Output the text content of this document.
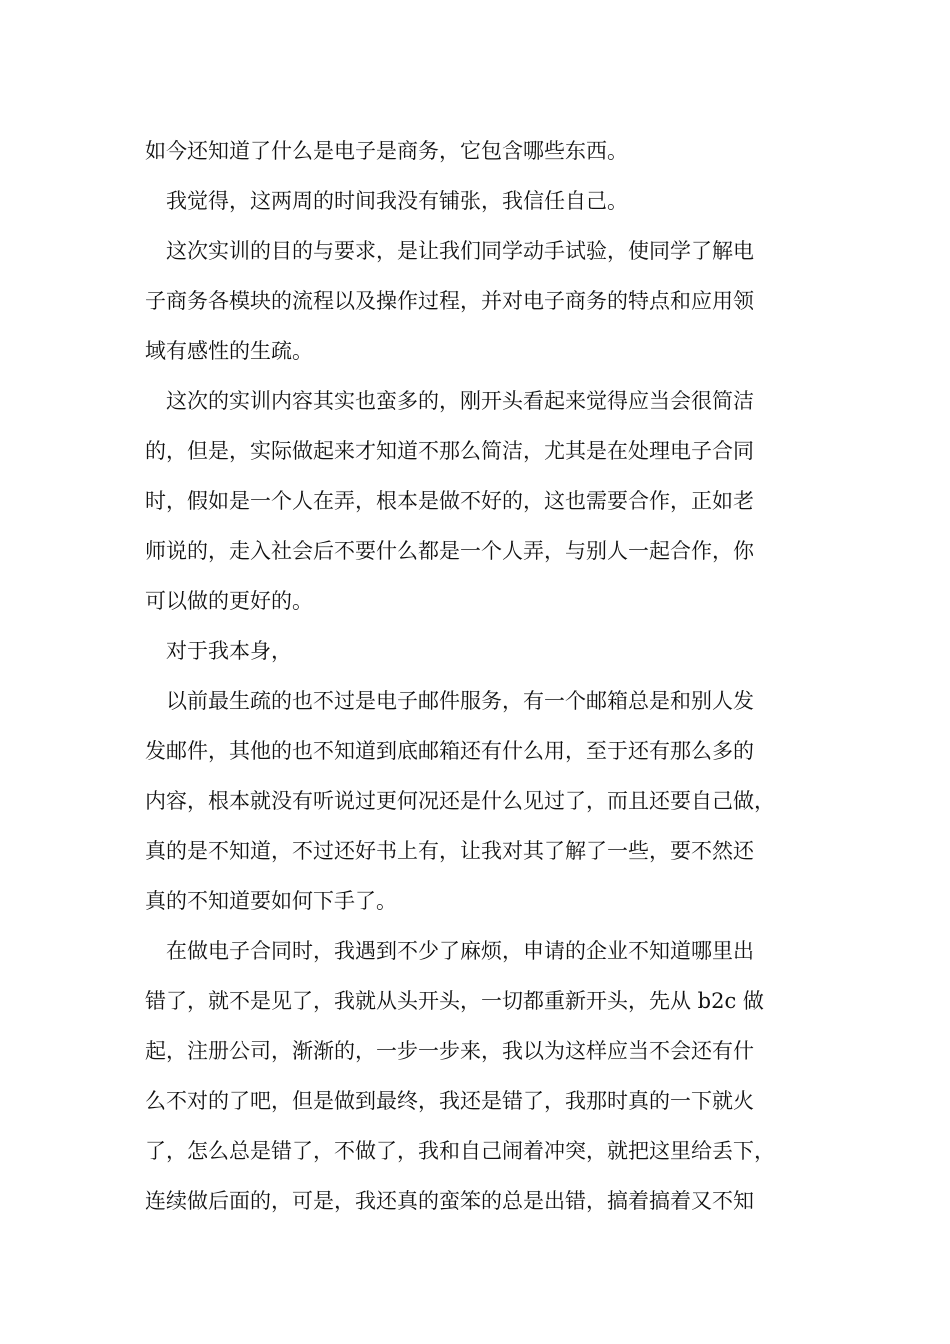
如今还知道了什么是电子是商务，它包含哪些东西。
我觉得，这两周的时间我没有铺张，我信任自己。
这次实训的目的与要求，是让我们同学动手试验，使同学了解电
子商务各模块的流程以及操作过程，并对电子商务的特点和应用领
域有感性的生疏。
这次的实训内容其实也蛮多的，刚开头看起来觉得应当会很简洁
的，但是，实际做起来才知道不那么简洁，尤其是在处理电子合同
时，假如是一个人在弄，根本是做不好的，这也需要合作，正如老
师说的，走入社会后不要什么都是一个人弄，与别人一起合作，你
可以做的更好的。
对于我本身，
以前最生疏的也不过是电子邮件服务，有一个邮箱总是和别人发
发邮件，其他的也不知道到底邮箱还有什么用，至于还有那么多的
内容，根本就没有听说过更何况还是什么见过了，而且还要自己做，
真的是不知道，不过还好书上有，让我对其了解了一些，要不然还
真的不知道要如何下手了。
在做电子合同时，我遇到不少了麻烦，申请的企业不知道哪里出
错了，就不是见了，我就从头开头，一切都重新开头，先从 b2c 做
起，注册公司，渐渐的，一步一步来，我以为这样应当不会还有什
么不对的了吧，但是做到最终，我还是错了，我那时真的一下就火
了，怎么总是错了，不做了，我和自己闹着冲突，就把这里给丢下，
连续做后面的，可是，我还真的蛮笨的总是出错，搞着搞着又不知
